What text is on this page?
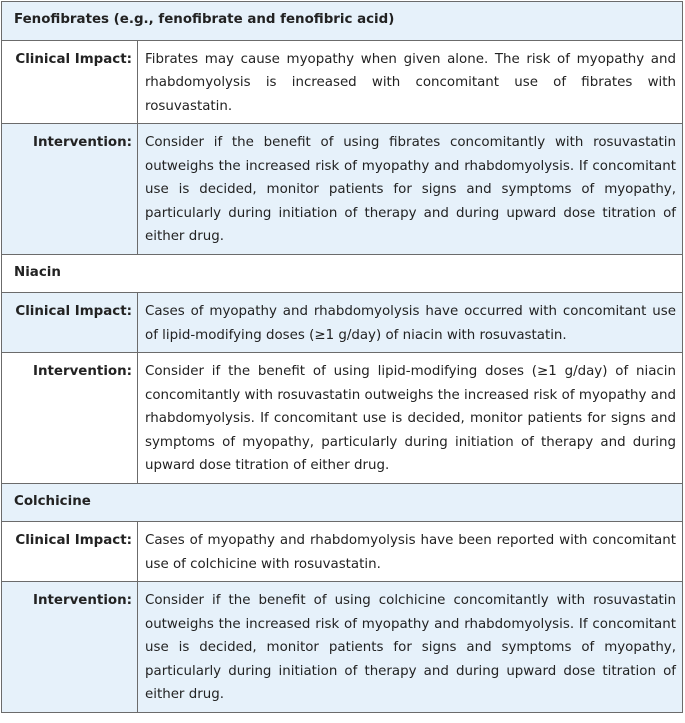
Fenofibrates (e.g., fenofibrate and fenofibric acid)	
Clinical Impact:	Fibrates may cause myopathy when given alone. The risk of myopathy and rhabdomyolysis is increased with concomitant use of fibrates with rosuvastatin.
Intervention:	Consider if the benefit of using fibrates concomitantly with rosuvastatin outweighs the increased risk of myopathy and rhabdomyolysis. If concomitant use is decided, monitor patients for signs and symptoms of myopathy, particularly during initiation of therapy and during upward dose titration of either drug.
Niacin	
Clinical Impact:	Cases of myopathy and rhabdomyolysis have occurred with concomitant use of lipid-modifying doses (≥1 g/day) of niacin with rosuvastatin.
Intervention:	Consider if the benefit of using lipid-modifying doses (≥1 g/day) of niacin concomitantly with rosuvastatin outweighs the increased risk of myopathy and rhabdomyolysis. If concomitant use is decided, monitor patients for signs and symptoms of myopathy, particularly during initiation of therapy and during upward dose titration of either drug.
Colchicine	
Clinical Impact:	Cases of myopathy and rhabdomyolysis have been reported with concomitant use of colchicine with rosuvastatin.
Intervention:	Consider if the benefit of using colchicine concomitantly with rosuvastatin outweighs the increased risk of myopathy and rhabdomyolysis. If concomitant use is decided, monitor patients for signs and symptoms of myopathy, particularly during initiation of therapy and during upward dose titration of either drug.
